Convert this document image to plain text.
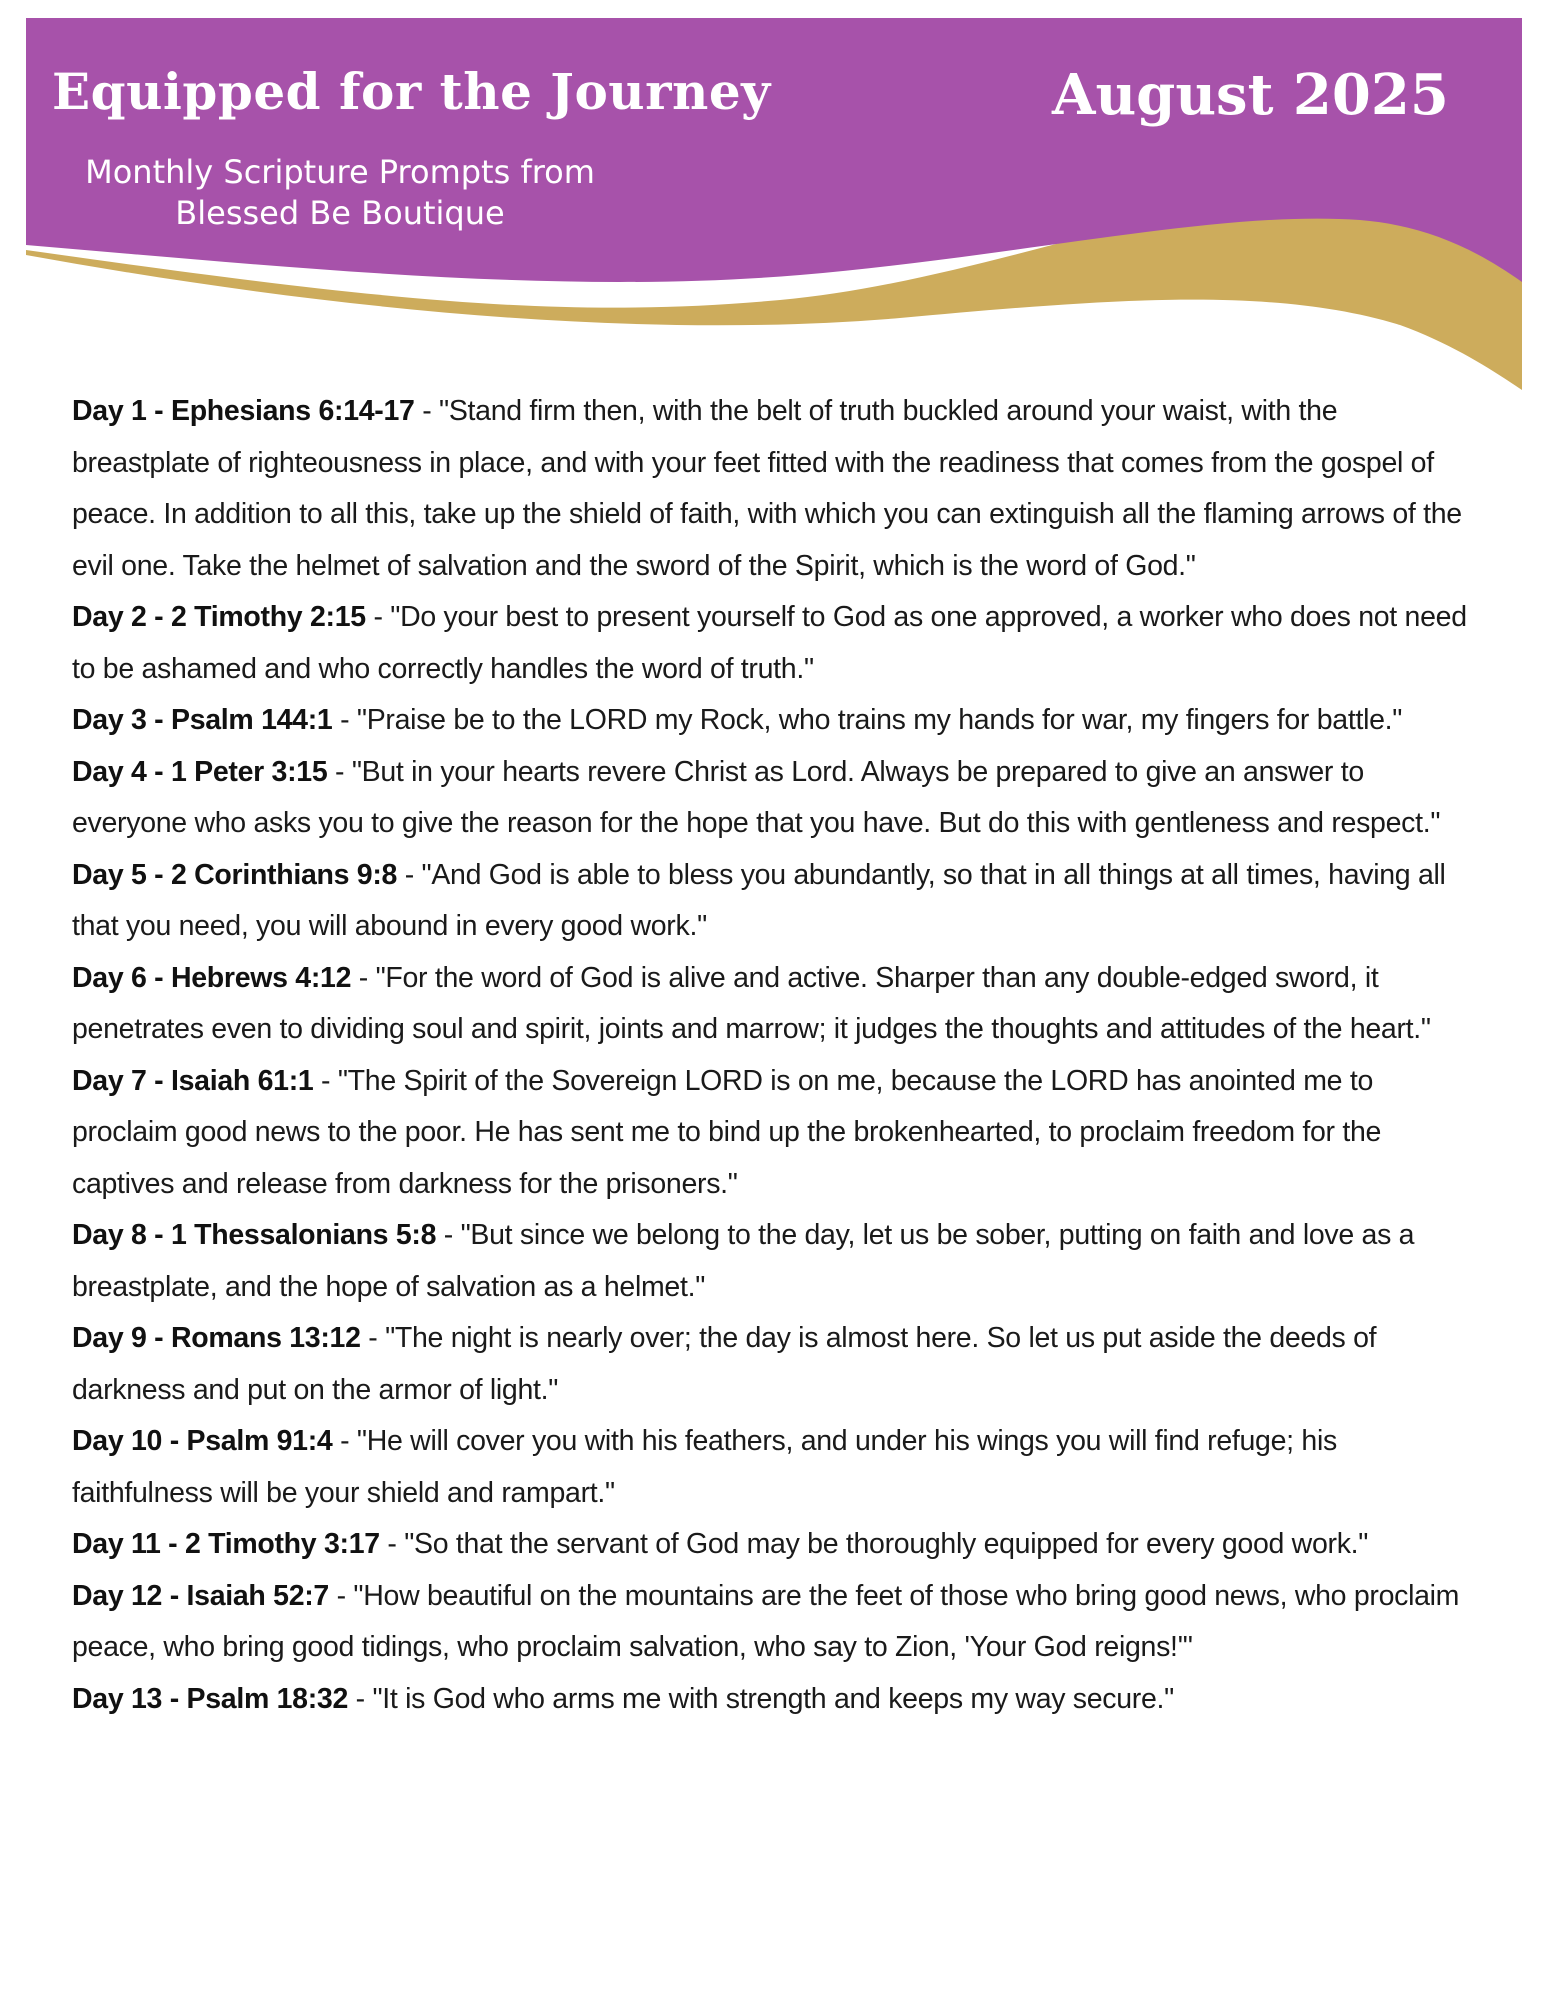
Equipped for the Journey	August 2025
Monthly Scripture Prompts from
Blessed Be Boutique
Day 1 - Ephesians 6:14-17 - "Stand firm then, with the belt of truth buckled around your waist, with the breastplate of righteousness in place, and with your feet fitted with the readiness that comes from the gospel of peace. In addition to all this, take up the shield of faith, with which you can extinguish all the flaming arrows of the evil one. Take the helmet of salvation and the sword of the Spirit, which is the word of God."
Day 2 - 2 Timothy 2:15 - "Do your best to present yourself to God as one approved, a worker who does not need to be ashamed and who correctly handles the word of truth."
Day 3 - Psalm 144:1 - "Praise be to the LORD my Rock, who trains my hands for war, my fingers for battle."
Day 4 - 1 Peter 3:15 - "But in your hearts revere Christ as Lord. Always be prepared to give an answer to everyone who asks you to give the reason for the hope that you have. But do this with gentleness and respect."
Day 5 - 2 Corinthians 9:8 - "And God is able to bless you abundantly, so that in all things at all times, having all that you need, you will abound in every good work."
Day 6 - Hebrews 4:12 - "For the word of God is alive and active. Sharper than any double-edged sword, it penetrates even to dividing soul and spirit, joints and marrow; it judges the thoughts and attitudes of the heart."
Day 7 - Isaiah 61:1 - "The Spirit of the Sovereign LORD is on me, because the LORD has anointed me to proclaim good news to the poor. He has sent me to bind up the brokenhearted, to proclaim freedom for the captives and release from darkness for the prisoners."
Day 8 - 1 Thessalonians 5:8 - "But since we belong to the day, let us be sober, putting on faith and love as a breastplate, and the hope of salvation as a helmet."
Day 9 - Romans 13:12 - "The night is nearly over; the day is almost here. So let us put aside the deeds of darkness and put on the armor of light."
Day 10 - Psalm 91:4 - "He will cover you with his feathers, and under his wings you will find refuge; his faithfulness will be your shield and rampart."
Day 11 - 2 Timothy 3:17 - "So that the servant of God may be thoroughly equipped for every good work."
Day 12 - Isaiah 52:7 - "How beautiful on the mountains are the feet of those who bring good news, who proclaim peace, who bring good tidings, who proclaim salvation, who say to Zion, 'Your God reigns!'"
Day 13 - Psalm 18:32 - "It is God who arms me with strength and keeps my way secure."
